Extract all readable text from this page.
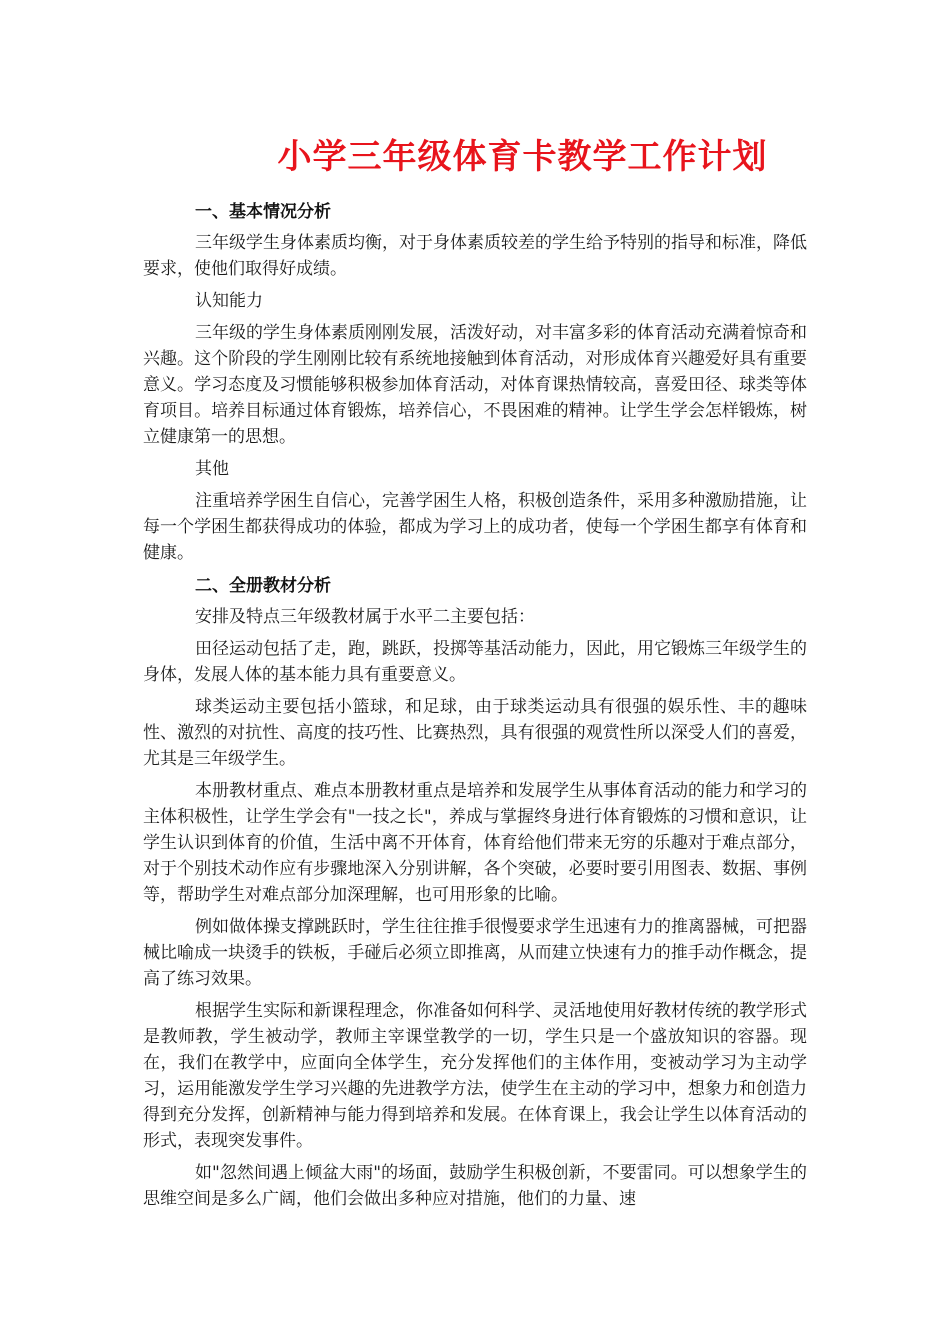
小学三年级体育卡教学工作计划
一、基本情况分析

三年级学生身体素质均衡，对于身体素质较差的学生给予特别的指导和标准，降低要求，使他们取得好成绩。

认知能力

三年级的学生身体素质刚刚发展，活泼好动，对丰富多彩的体育活动充满着惊奇和兴趣。这个阶段的学生刚刚比较有系统地接触到体育活动，对形成体育兴趣爱好具有重要意义。学习态度及习惯能够积极参加体育活动，对体育课热情较高，喜爱田径、球类等体育项目。培养目标通过体育锻炼，培养信心，不畏困难的精神。让学生学会怎样锻炼，树立健康第一的思想。

其他

注重培养学困生自信心，完善学困生人格，积极创造条件，采用多种激励措施，让每一个学困生都获得成功的体验，都成为学习上的成功者，使每一个学困生都享有体育和健康。

二、全册教材分析

安排及特点三年级教材属于水平二主要包括：

田径运动包括了走，跑，跳跃，投掷等基活动能力，因此，用它锻炼三年级学生的身体，发展人体的基本能力具有重要意义。

球类运动主要包括小篮球，和足球，由于球类运动具有很强的娱乐性、丰的趣味性、激烈的对抗性、高度的技巧性、比赛热烈，具有很强的观赏性所以深受人们的喜爱，尤其是三年级学生。

本册教材重点、难点本册教材重点是培养和发展学生从事体育活动的能力和学习的主体积极性，让学生学会有"一技之长"，养成与掌握终身进行体育锻炼的习惯和意识，让学生认识到体育的价值，生活中离不开体育，体育给他们带来无穷的乐趣对于难点部分，对于个别技术动作应有步骤地深入分别讲解，各个突破，必要时要引用图表、数据、事例等，帮助学生对难点部分加深理解，也可用形象的比喻。

例如做体操支撑跳跃时，学生往往推手很慢要求学生迅速有力的推离器械，可把器械比喻成一块烫手的铁板，手碰后必须立即推离，从而建立快速有力的推手动作概念，提高了练习效果。

根据学生实际和新课程理念，你准备如何科学、灵活地使用好教材传统的教学形式是教师教，学生被动学，教师主宰课堂教学的一切，学生只是一个盛放知识的容器。现在，我们在教学中，应面向全体学生，充分发挥他们的主体作用，变被动学习为主动学习，运用能激发学生学习兴趣的先进教学方法，使学生在主动的学习中，想象力和创造力得到充分发挥，创新精神与能力得到培养和发展。在体育课上，我会让学生以体育活动的形式，表现突发事件。

如"忽然间遇上倾盆大雨"的场面，鼓励学生积极创新，不要雷同。可以想象学生的思维空间是多么广阔，他们会做出多种应对措施，他们的力量、速
